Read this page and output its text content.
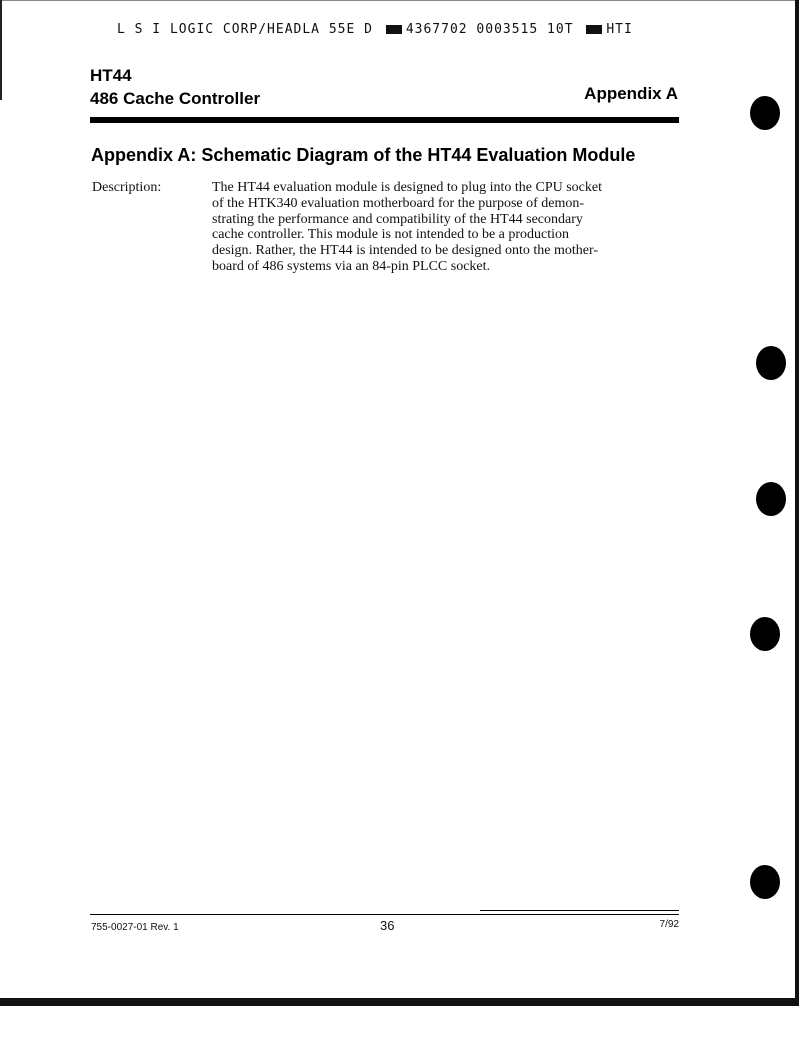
L S I LOGIC CORP/HEADLA 55E D	4367702 0003515 10T	HTI
HT44
486 Cache Controller	Appendix A
Appendix A: Schematic Diagram of the HT44 Evaluation Module
Description:	The HT44 evaluation module is designed to plug into the CPU socket
of the HTK340 evaluation motherboard for the purpose of demon-
strating the performance and compatibility of the HT44 secondary
cache controller. This module is not intended to be a production
design. Rather, the HT44 is intended to be designed onto the mother-
board of 486 systems via an 84-pin PLCC socket.
755-0027-01 Rev. 1	36	7/92
